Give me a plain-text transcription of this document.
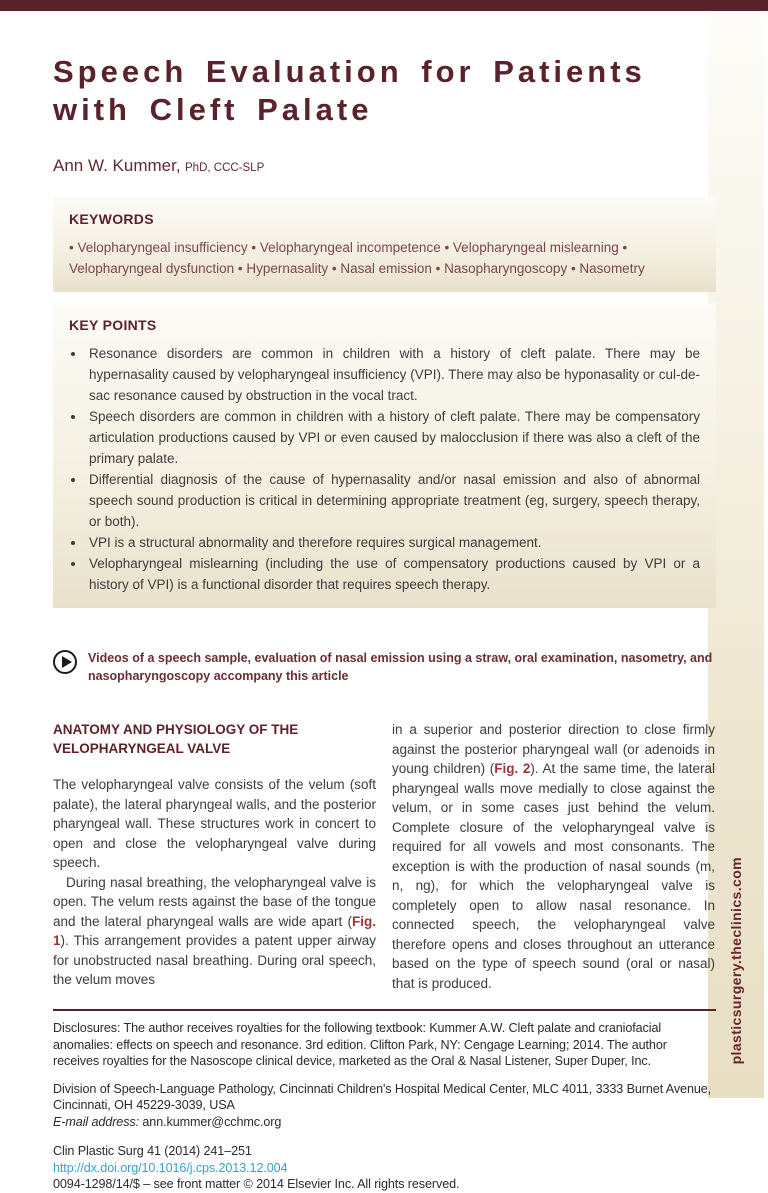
plasticsurgery.theclinics.com
Speech Evaluation for Patients
with Cleft Palate
Ann W. Kummer, PhD, CCC-SLP
KEYWORDS
• Velopharyngeal insufficiency • Velopharyngeal incompetence • Velopharyngeal mislearning • Velopharyngeal dysfunction • Hypernasality • Nasal emission • Nasopharyngoscopy • Nasometry
KEY POINTS
• Resonance disorders are common in children with a history of cleft palate. There may be hypernasality caused by velopharyngeal insufficiency (VPI). There may also be hyponasality or cul-de-sac resonance caused by obstruction in the vocal tract.
• Speech disorders are common in children with a history of cleft palate. There may be compensatory articulation productions caused by VPI or even caused by malocclusion if there was also a cleft of the primary palate.
• Differential diagnosis of the cause of hypernasality and/or nasal emission and also of abnormal speech sound production is critical in determining appropriate treatment (eg, surgery, speech therapy, or both).
• VPI is a structural abnormality and therefore requires surgical management.
• Velopharyngeal mislearning (including the use of compensatory productions caused by VPI or a history of VPI) is a functional disorder that requires speech therapy.
Videos of a speech sample, evaluation of nasal emission using a straw, oral examination, nasometry, and nasopharyngoscopy accompany this article
ANATOMY AND PHYSIOLOGY OF THE VELOPHARYNGEAL VALVE

The velopharyngeal valve consists of the velum (soft palate), the lateral pharyngeal walls, and the posterior pharyngeal wall. These structures work in concert to open and close the velopharyngeal valve during speech.

During nasal breathing, the velopharyngeal valve is open. The velum rests against the base of the tongue and the lateral pharyngeal walls are wide apart (Fig. 1). This arrangement provides a patent upper airway for unobstructed nasal breathing. During oral speech, the velum moves

in a superior and posterior direction to close firmly against the posterior pharyngeal wall (or adenoids in young children) (Fig. 2). At the same time, the lateral pharyngeal walls move medially to close against the velum, or in some cases just behind the velum. Complete closure of the velopharyngeal valve is required for all vowels and most consonants. The exception is with the production of nasal sounds (m, n, ng), for which the velopharyngeal valve is completely open to allow nasal resonance. In connected speech, the velopharyngeal valve therefore opens and closes throughout an utterance based on the type of speech sound (oral or nasal) that is produced.

Disclosures: The author receives royalties for the following textbook: Kummer A.W. Cleft palate and craniofacial anomalies: effects on speech and resonance. 3rd edition. Clifton Park, NY: Cengage Learning; 2014. The author receives royalties for the Nasoscope clinical device, marketed as the Oral & Nasal Listener, Super Duper, Inc.
Division of Speech-Language Pathology, Cincinnati Children's Hospital Medical Center, MLC 4011, 3333 Burnet Avenue, Cincinnati, OH 45229-3039, USA
E-mail address: ann.kummer@cchmc.org
Clin Plastic Surg 41 (2014) 241–251
http://dx.doi.org/10.1016/j.cps.2013.12.004
0094-1298/14/$ – see front matter © 2014 Elsevier Inc. All rights reserved.
